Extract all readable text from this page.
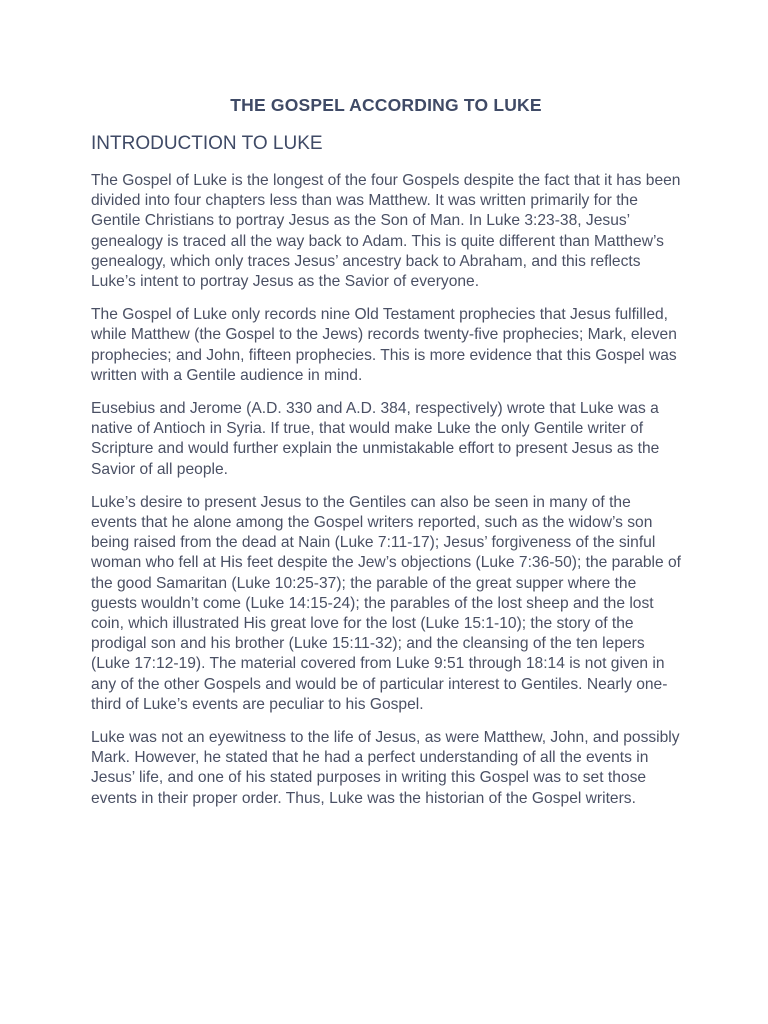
THE GOSPEL ACCORDING TO LUKE
INTRODUCTION TO LUKE

The Gospel of Luke is the longest of the four Gospels despite the fact that it has been divided into four chapters less than was Matthew. It was written primarily for the Gentile Christians to portray Jesus as the Son of Man. In Luke 3:23-38, Jesus’ genealogy is traced all the way back to Adam. This is quite different than Matthew’s genealogy, which only traces Jesus’ ancestry back to Abraham, and this reflects Luke’s intent to portray Jesus as the Savior of everyone.

The Gospel of Luke only records nine Old Testament prophecies that Jesus fulfilled, while Matthew (the Gospel to the Jews) records twenty-five prophecies; Mark, eleven prophecies; and John, fifteen prophecies. This is more evidence that this Gospel was written with a Gentile audience in mind.

Eusebius and Jerome (A.D. 330 and A.D. 384, respectively) wrote that Luke was a native of Antioch in Syria. If true, that would make Luke the only Gentile writer of Scripture and would further explain the unmistakable effort to present Jesus as the Savior of all people.

Luke’s desire to present Jesus to the Gentiles can also be seen in many of the events that he alone among the Gospel writers reported, such as the widow’s son being raised from the dead at Nain (Luke 7:11-17); Jesus’ forgiveness of the sinful woman who fell at His feet despite the Jew’s objections (Luke 7:36-50); the parable of the good Samaritan (Luke 10:25-37); the parable of the great supper where the guests wouldn’t come (Luke 14:15-24); the parables of the lost sheep and the lost coin, which illustrated His great love for the lost (Luke 15:1-10); the story of the prodigal son and his brother (Luke 15:11-32); and the cleansing of the ten lepers (Luke 17:12-19). The material covered from Luke 9:51 through 18:14 is not given in any of the other Gospels and would be of particular interest to Gentiles. Nearly one-third of Luke’s events are peculiar to his Gospel.

Luke was not an eyewitness to the life of Jesus, as were Matthew, John, and possibly Mark. However, he stated that he had a perfect understanding of all the events in Jesus’ life, and one of his stated purposes in writing this Gospel was to set those events in their proper order. Thus, Luke was the historian of the Gospel writers.
